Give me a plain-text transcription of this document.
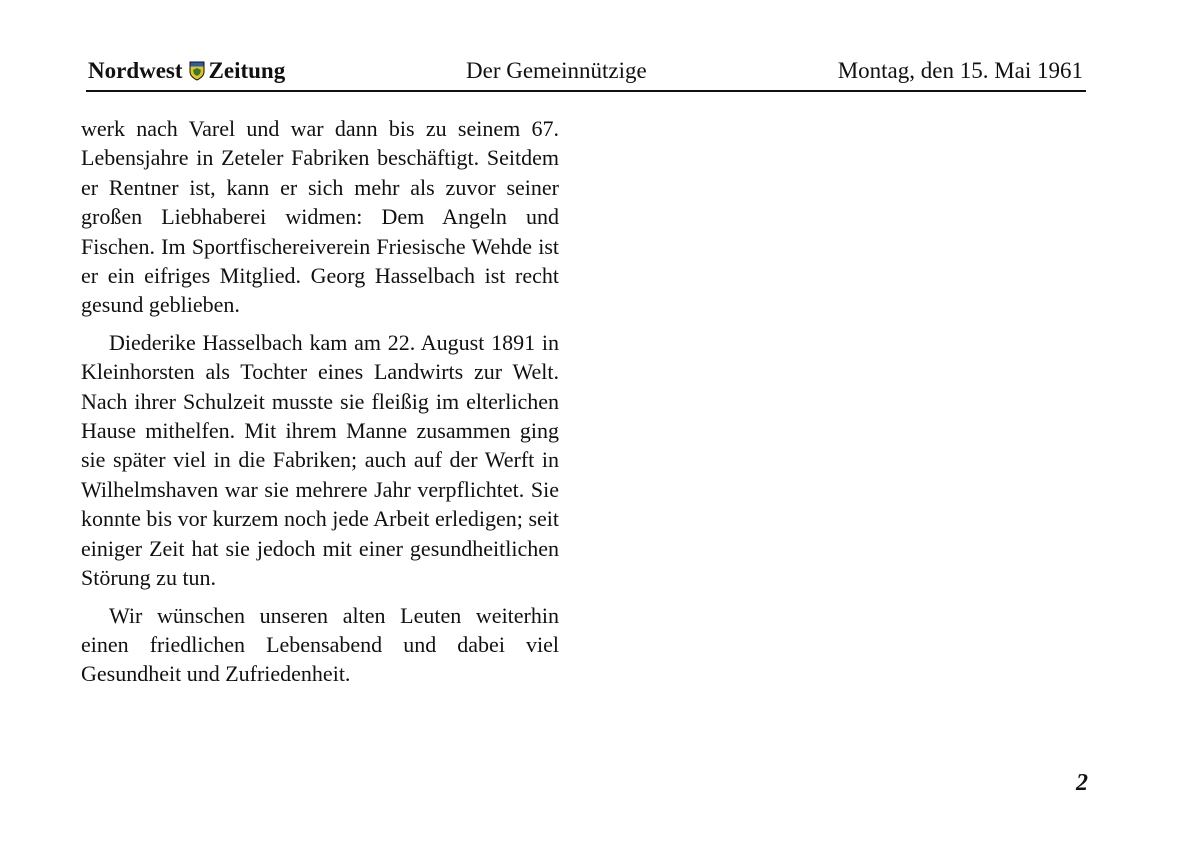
Nordwest Zeitung	Der Gemeinnützige	Montag, den 15. Mai 1961

werk nach Varel und war dann bis zu seinem 67. Lebensjahre in Zeteler Fabriken beschäftigt. Seitdem er Rentner ist, kann er sich mehr als zuvor seiner großen Liebhaberei widmen: Dem Angeln und Fischen. Im Sportfischereiverein Friesische Wehde ist er ein eifriges Mitglied. Georg Hasselbach ist recht gesund geblieben.

Diederike Hasselbach kam am 22. August 1891 in Kleinhorsten als Tochter eines Landwirts zur Welt. Nach ihrer Schulzeit musste sie fleißig im elterlichen Hause mithelfen. Mit ihrem Manne zusammen ging sie später viel in die Fabriken; auch auf der Werft in Wilhelmshaven war sie mehrere Jahr verpflichtet. Sie konnte bis vor kurzem noch jede Arbeit erledigen; seit einiger Zeit hat sie jedoch mit einer gesundheitlichen Störung zu tun.

Wir wünschen unseren alten Leuten weiterhin einen friedlichen Lebensabend und dabei viel Gesundheit und Zufriedenheit.

2
